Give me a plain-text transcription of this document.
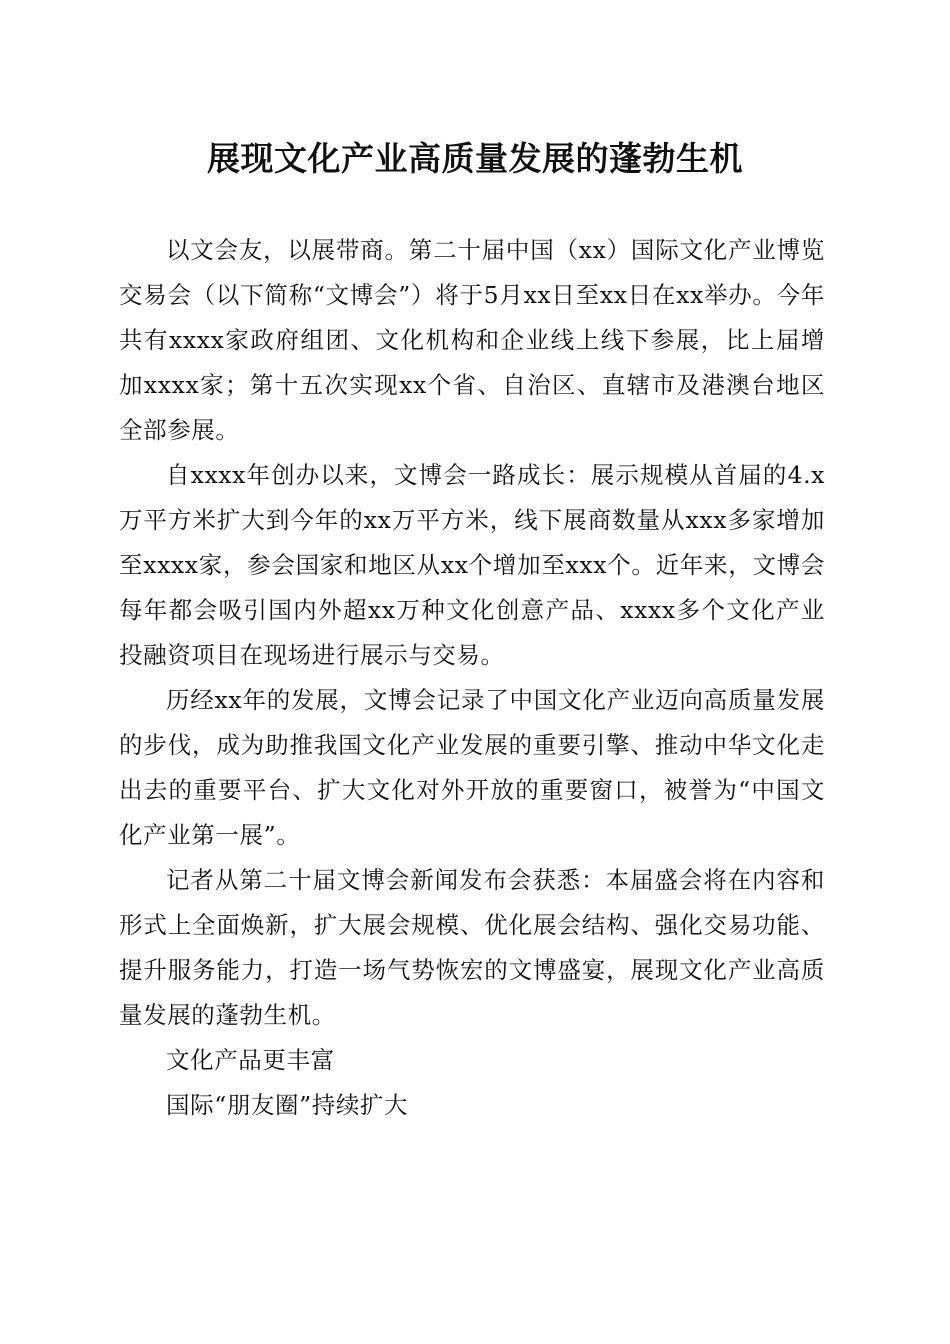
展现文化产业高质量发展的蓬勃生机

以文会友，以展带商。第二十届中国（xx）国际文化产业博览交易会（以下简称“文博会”）将于5月xx日至xx日在xx举办。今年共有xxxx家政府组团、文化机构和企业线上线下参展，比上届增加xxxx家；第十五次实现xx个省、自治区、直辖市及港澳台地区全部参展。

自xxxx年创办以来，文博会一路成长：展示规模从首届的4.x万平方米扩大到今年的xx万平方米，线下展商数量从xxx多家增加至xxxx家，参会国家和地区从xx个增加至xxx个。近年来，文博会每年都会吸引国内外超xx万种文化创意产品、xxxx多个文化产业投融资项目在现场进行展示与交易。

历经xx年的发展，文博会记录了中国文化产业迈向高质量发展的步伐，成为助推我国文化产业发展的重要引擎、推动中华文化走出去的重要平台、扩大文化对外开放的重要窗口，被誉为“中国文化产业第一展”。

记者从第二十届文博会新闻发布会获悉：本届盛会将在内容和形式上全面焕新，扩大展会规模、优化展会结构、强化交易功能、提升服务能力，打造一场气势恢宏的文博盛宴，展现文化产业高质量发展的蓬勃生机。

文化产品更丰富

国际“朋友圈”持续扩大
